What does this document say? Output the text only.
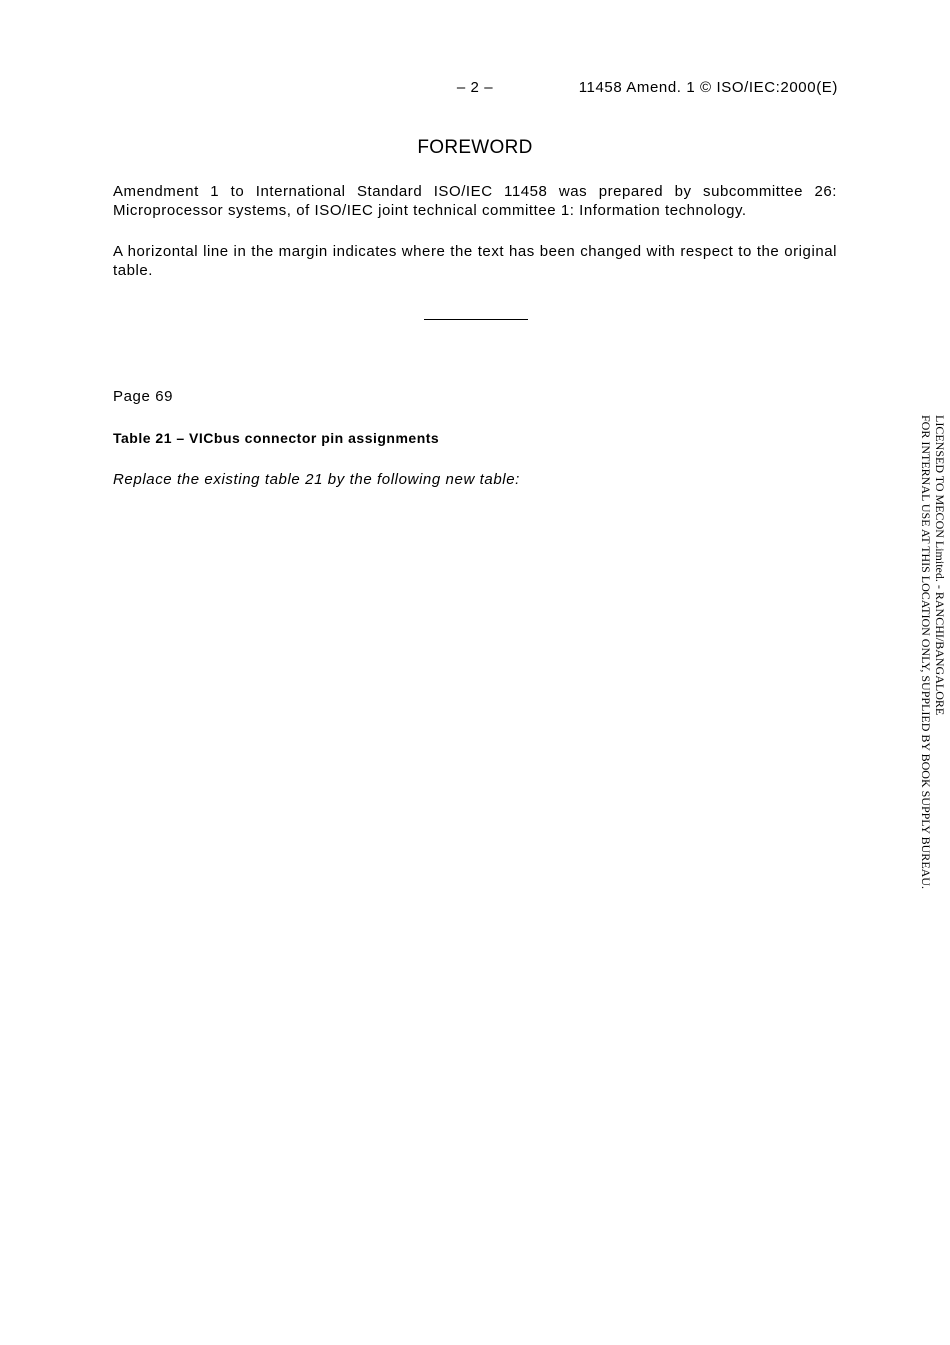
– 2 –	11458 Amend. 1 © ISO/IEC:2000(E)
FOREWORD

Amendment 1 to International Standard ISO/IEC 11458 was prepared by subcommittee 26: Microprocessor systems, of ISO/IEC joint technical committee 1: Information technology.

A horizontal line in the margin indicates where the text has been changed with respect to the original table.

Page 69
Table 21 – VICbus connector pin assignments
Replace the existing table 21 by the following new table:	LICENSED TO MECON Limited. - RANCHI/BANGALORE
FOR INTERNAL USE AT THIS LOCATION ONLY, SUPPLIED BY BOOK SUPPLY BUREAU.
